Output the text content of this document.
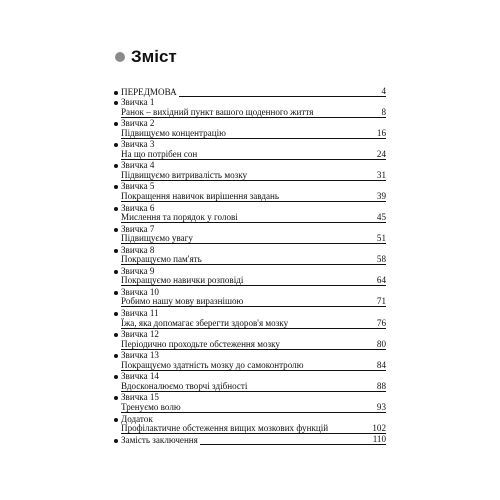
Зміст
ПЕРЕДМОВА	4
Звичка 1
Ранок – вихідний пункт вашого щоденного життя	8
Звичка 2
Підвищуємо концентрацію	16
Звичка 3
На що потрібен сон	24
Звичка 4
Підвищуємо витривалість мозку	31
Звичка 5
Покращення навичок вирішення завдань	39
Звичка 6
Мислення та порядок у голові	45
Звичка 7
Підвищуємо увагу	51
Звичка 8
Покращуємо пам'ять	58
Звичка 9
Покращуємо навички розповіді	64
Звичка 10
Робимо нашу мову виразнішою	71
Звичка 11
Їжа, яка допомагає зберегти здоров'я мозку	76
Звичка 12
Періодично проходьте обстеження мозку	80
Звичка 13
Покращуємо здатність мозку до самоконтролю	84
Звичка 14
Вдосконалюємо творчі здібності	88
Звичка 15
Тренуємо волю	93
Додаток
Профілактичне обстеження вищих мозкових функцій	102
Замість заключення	110
